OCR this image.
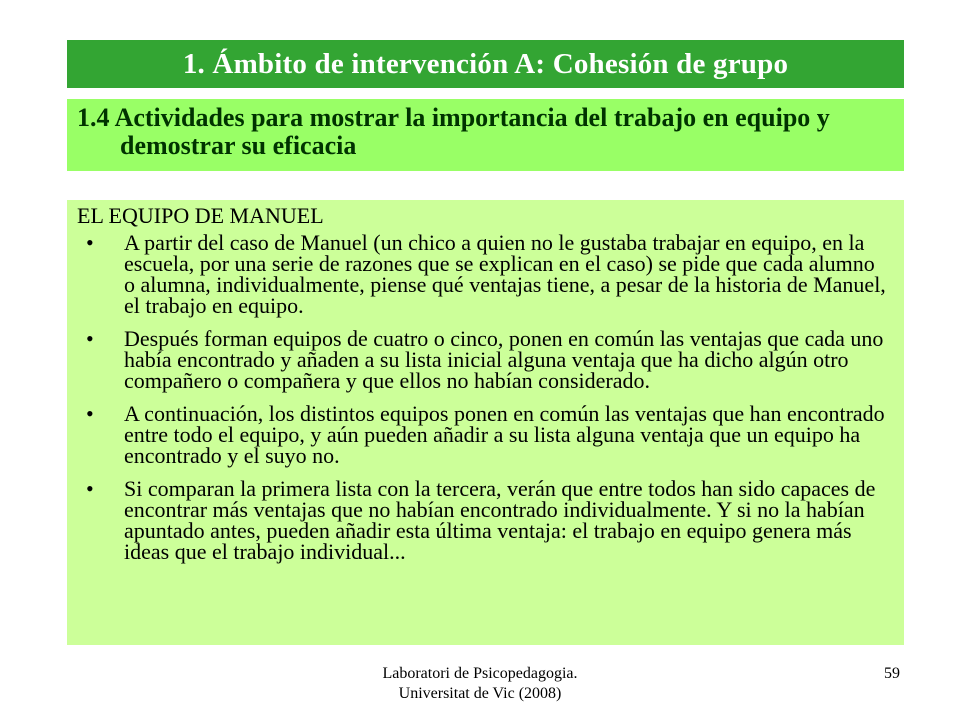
1. Ámbito de intervención A: Cohesión de grupo
1.4 Actividades para mostrar la importancia del trabajo en equipo y demostrar su eficacia

EL EQUIPO DE MANUEL

• A partir del caso de Manuel (un chico a quien no le gustaba trabajar en equipo, en la escuela, por una serie de razones que se explican en el caso) se pide que cada alumno o alumna, individualmente, piense qué ventajas tiene, a pesar de la historia de Manuel, el trabajo en equipo.
• Después forman equipos de cuatro o cinco, ponen en común las ventajas que cada uno había encontrado y añaden a su lista inicial alguna ventaja que ha dicho algún otro compañero o compañera y que ellos no habían considerado.
• A continuación, los distintos equipos ponen en común las ventajas que han encontrado entre todo el equipo, y aún pueden añadir a su lista alguna ventaja que un equipo ha encontrado y el suyo no.
• Si comparan la primera lista con la tercera, verán que entre todos han sido capaces de encontrar más ventajas que no habían encontrado individualmente. Y si no la habían apuntado antes, pueden añadir esta última ventaja: el trabajo en equipo genera más ideas que el trabajo individual...
Laboratori de Psicopedagogia.
Universitat de Vic (2008)
59
